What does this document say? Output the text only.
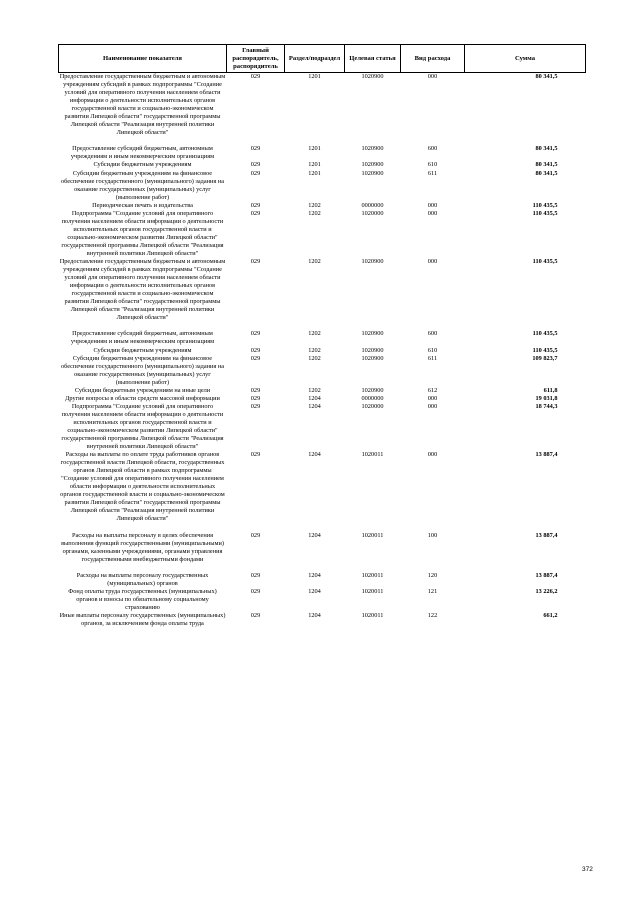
Наименование показателя	Главный распорядитель, распорядитель	Раздел/подраздел	Целевая статья	Вид расхода	Сумма
Предоставление государственным бюджетным и автономным учреждениям субсидий в рамках подпрограммы "Создание условий для оперативного получения населением области информации о деятельности исполнительных органов государственной власти и социально-экономическом развитии Липецкой области" государственной программы Липецкой области "Реализация внутренней политики Липецкой области"	029	1201	1020900	000	80 341,5

Предоставление субсидий бюджетным, автономным учреждениям и иным некоммерческим организациям	029	1201	1020900	600	80 341,5
Субсидии бюджетным учреждениям	029	1201	1020900	610	80 341,5
Субсидии бюджетным учреждениям на финансовое обеспечение государственного (муниципального) задания на оказание государственных (муниципальных) услуг (выполнение работ)	029	1201	1020900	611	80 341,5
Периодическая печать и издательства	029	1202	0000000	000	110 435,5
Подпрограмма "Создание условий для оперативного получения населением области информации о деятельности исполнительных органов государственной власти и социально-экономическом развитии Липецкой области" государственной программы Липецкой области "Реализация внутренней политики Липецкой области"	029	1202	1020000	000	110 435,5
Предоставление государственным бюджетным и автономным учреждениям субсидий в рамках подпрограммы "Создание условий для оперативного получения населением области информации о деятельности исполнительных органов государственной власти и социально-экономическом развитии Липецкой области" государственной программы Липецкой области "Реализация внутренней политики Липецкой области"	029	1202	1020900	000	110 435,5

Предоставление субсидий бюджетным, автономным учреждениям и иным некоммерческим организациям	029	1202	1020900	600	110 435,5
Субсидии бюджетным учреждениям	029	1202	1020900	610	110 435,5
Субсидии бюджетным учреждениям на финансовое обеспечение государственного (муниципального) задания на оказание государственных (муниципальных) услуг (выполнение работ)	029	1202	1020900	611	109 823,7
Субсидии бюджетным учреждениям на иные цели	029	1202	1020900	612	611,8
Другие вопросы в области средств массовой информации	029	1204	0000000	000	19 031,8
Подпрограмма "Создание условий для оперативного получения населением области информации о деятельности исполнительных органов государственной власти и социально-экономическом развитии Липецкой области" государственной программы Липецкой области "Реализация внутренней политики Липецкой области"	029	1204	1020000	000	18 744,3
Расходы на выплаты по оплате труда работников органов государственной власти Липецкой области, государственных органов Липецкой области в рамках подпрограммы "Создание условий для оперативного получения населением области информации о деятельности исполнительных органов государственной власти и социально-экономическом развитии Липецкой области" государственной программы Липецкой области "Реализация внутренней политики Липецкой области"	029	1204	1020011	000	13 887,4

Расходы на выплаты персоналу в целях обеспечения выполнения функций государственными (муниципальными) органами, казенными учреждениями, органами управления государственными внебюджетными фондами	029	1204	1020011	100	13 887,4

Расходы на выплаты персоналу государственных (муниципальных) органов	029	1204	1020011	120	13 887,4
Фонд оплаты труда государственных (муниципальных) органов и взносы по обязательному социальному страхованию	029	1204	1020011	121	13 226,2
Иные выплаты персоналу государственных (муниципальных) органов, за исключением фонда оплаты труда	029	1204	1020011	122	661,2
372
